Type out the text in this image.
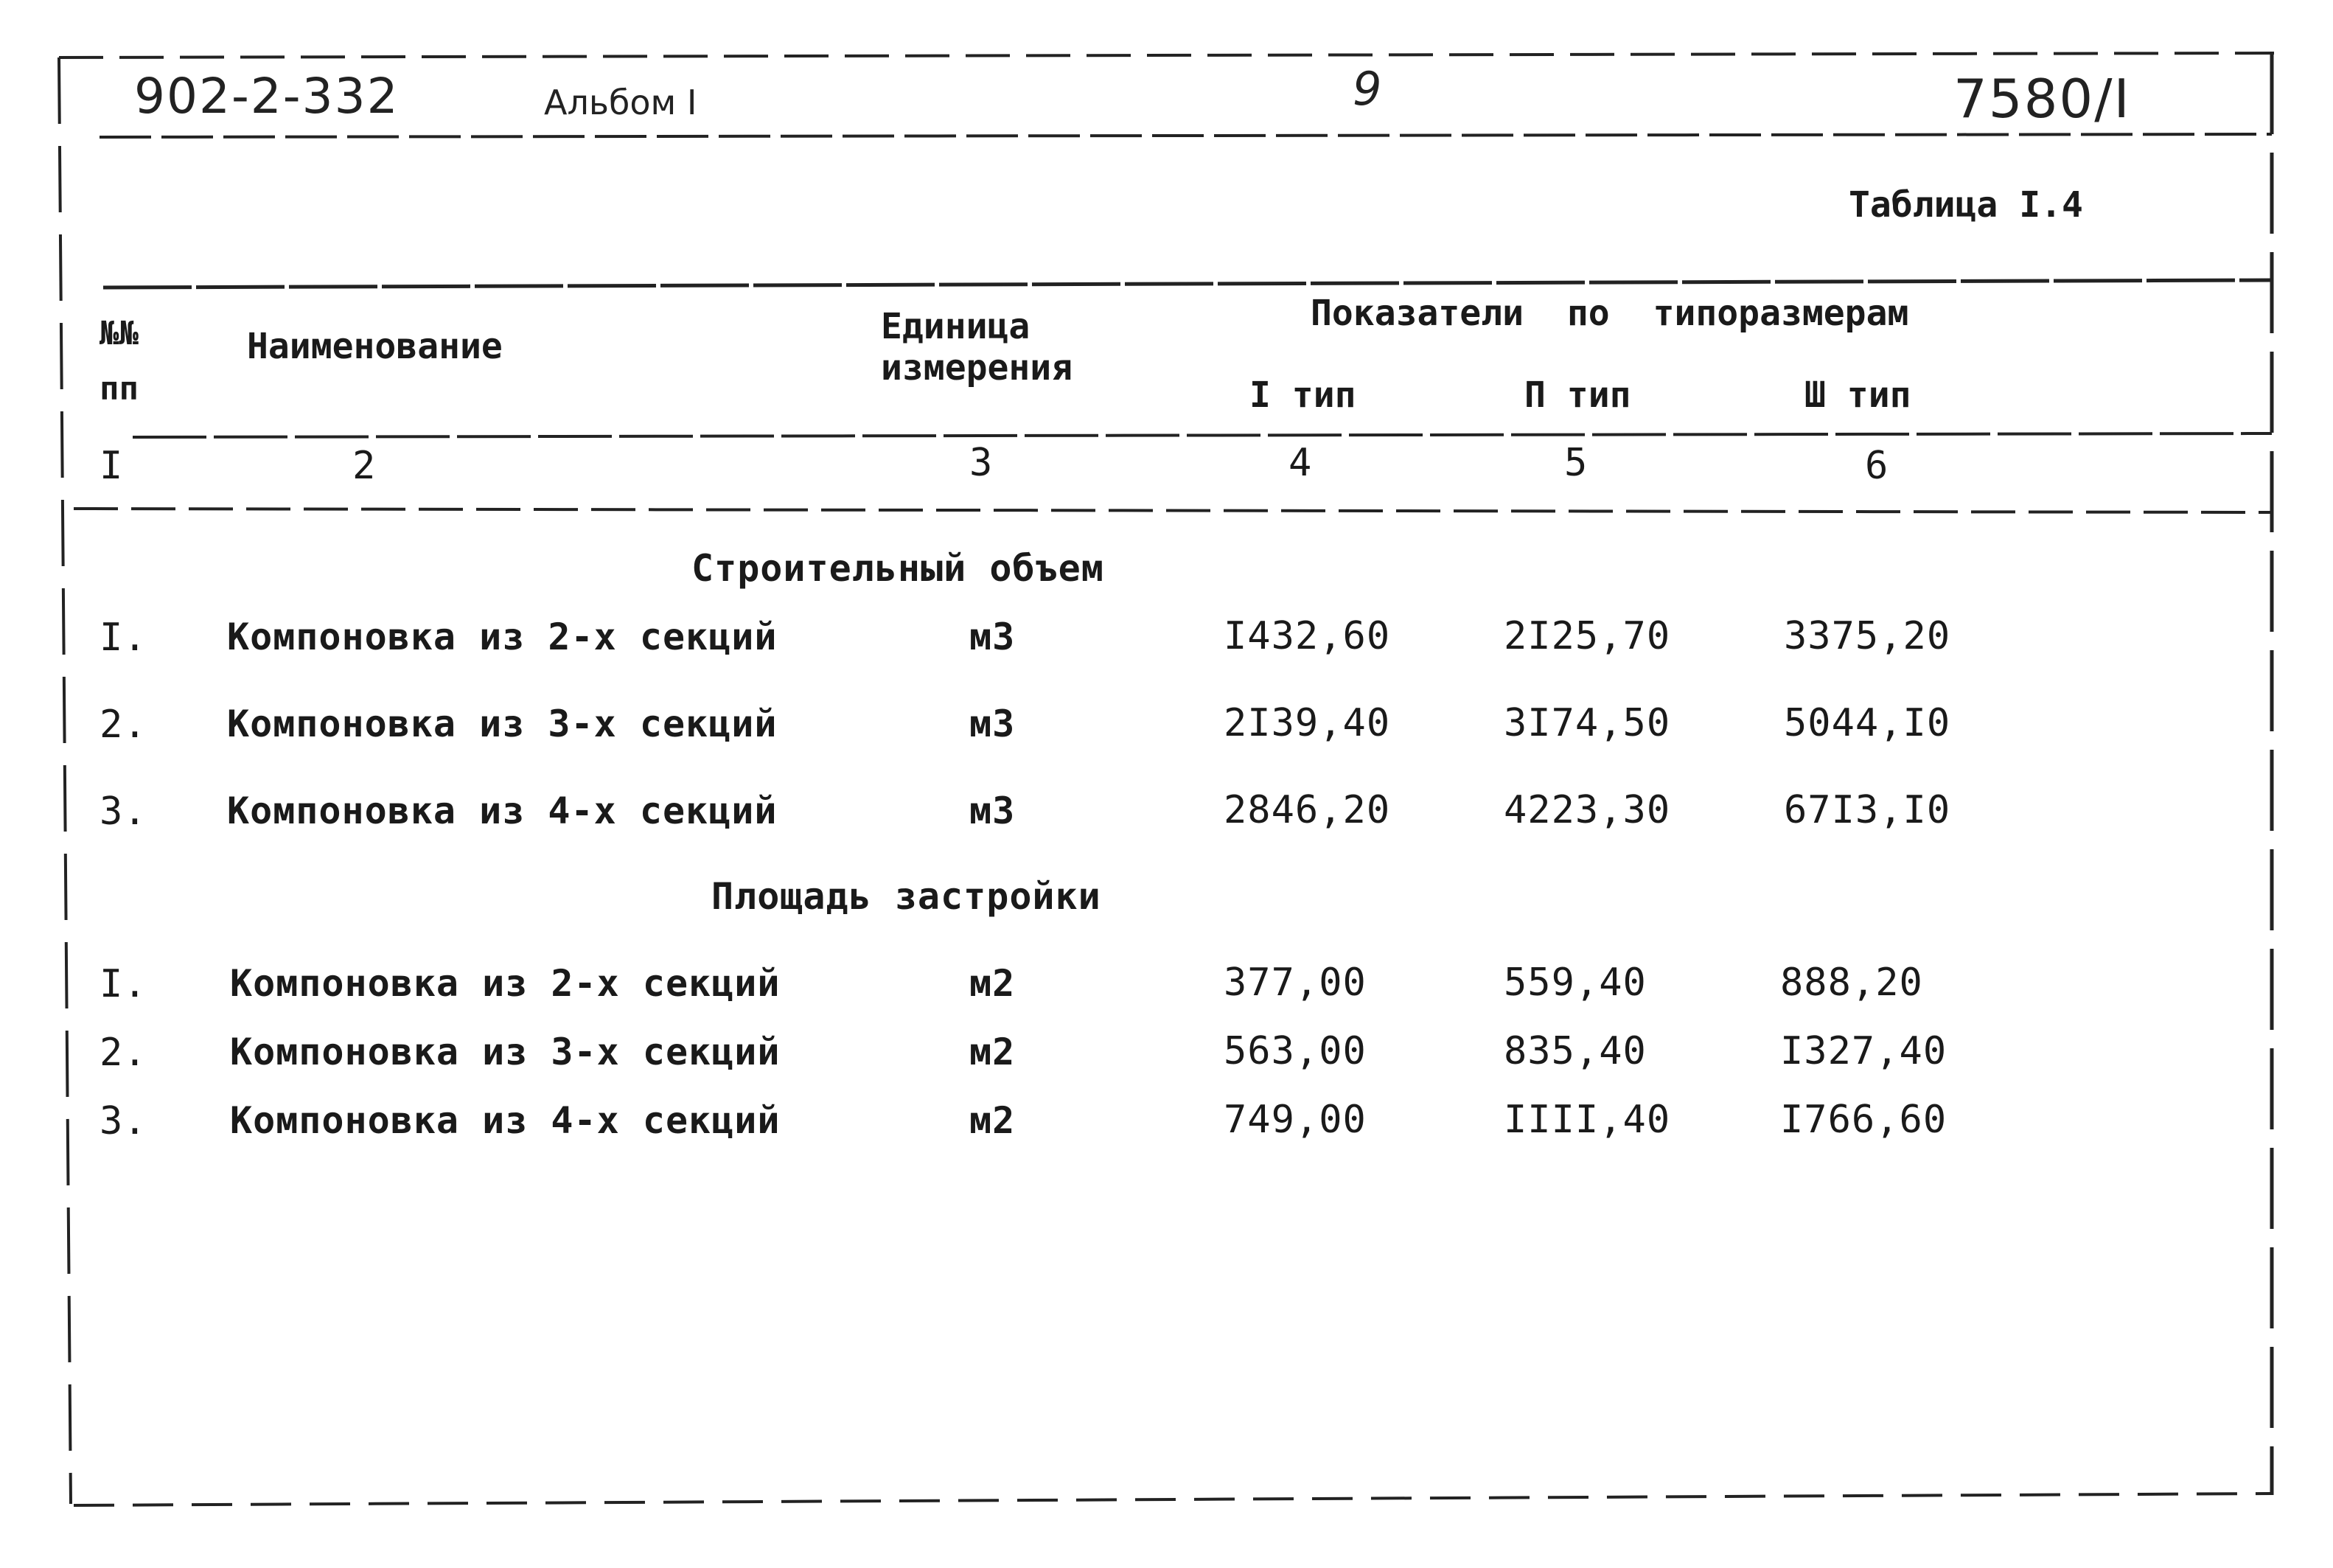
902-2-332	Альбом I	9	7580/I
Таблица I.4
№№ пп
Наименование	Единица измерения
Показатели по типоразмерам
I тип	П тип	Ш тип
I	2	3	4	5	6
Строительный объем
I. Компоновка из 2-х секций	м3	I432,60	2I25,70	3375,20
2. Компоновка из 3-х секций	м3	2I39,40	3I74,50	5044,I0
3. Компоновка из 4-х секций	м3	2846,20	4223,30	67I3,I0
Площадь застройки
I. Компоновка из 2-х секций	м2	377,00	559,40	888,20
2. Компоновка из 3-х секций	м2	563,00	835,40	I327,40
3. Компоновка из 4-х секций	м2	749,00	IIII,40	I766,60
